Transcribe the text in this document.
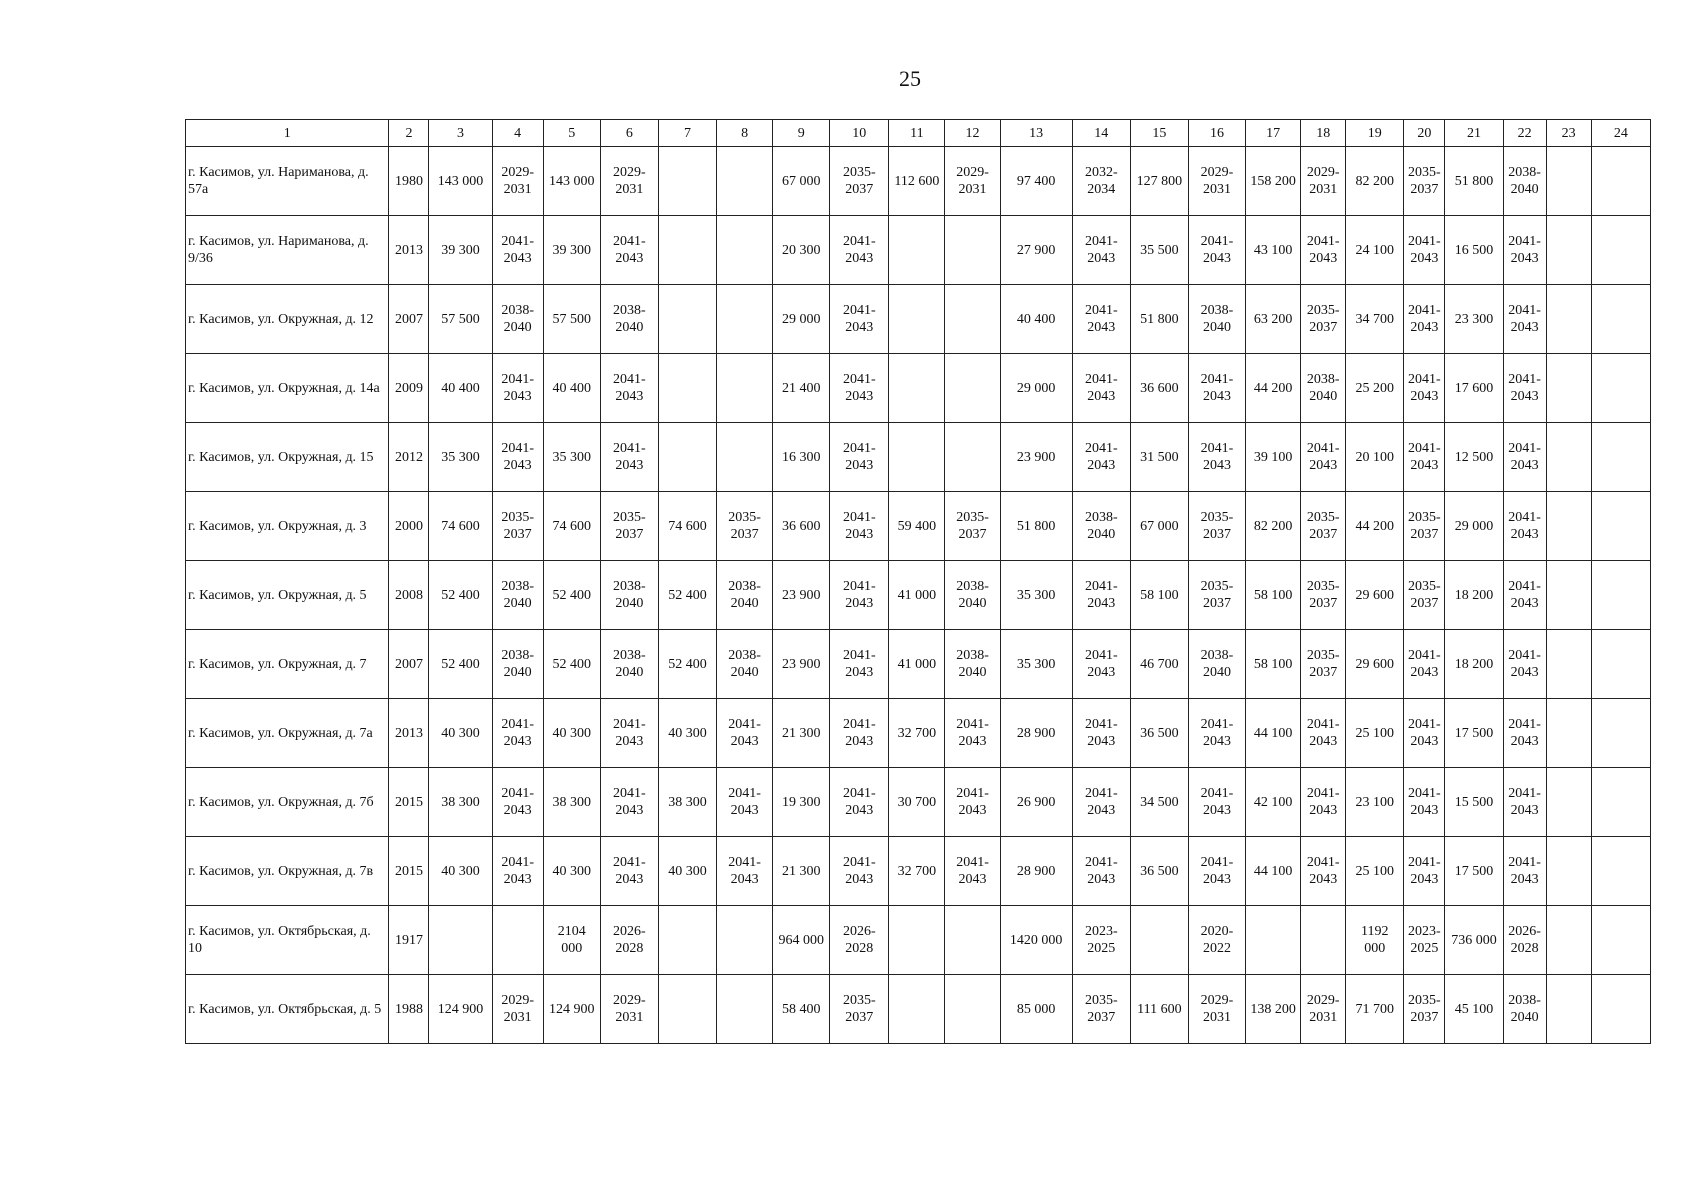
25
1	2	3	4	5	6	7	8	9	10	11	12	13	14	15	16	17	18	19	20	21	22	23	24
г. Касимов, ул. Нариманова, д. 57а	1980	143 000	2029-
2031	143 000	2029-
2031			67 000	2035-
2037	112 600	2029-
2031	97 400	2032-
2034	127 800	2029-
2031	158 200	2029-
2031	82 200	2035-
2037	51 800	2038-
2040		
г. Касимов, ул. Нариманова, д. 9/36	2013	39 300	2041-
2043	39 300	2041-
2043			20 300	2041-
2043			27 900	2041-
2043	35 500	2041-
2043	43 100	2041-
2043	24 100	2041-
2043	16 500	2041-
2043		
г. Касимов, ул. Окружная, д. 12	2007	57 500	2038-
2040	57 500	2038-
2040			29 000	2041-
2043			40 400	2041-
2043	51 800	2038-
2040	63 200	2035-
2037	34 700	2041-
2043	23 300	2041-
2043		
г. Касимов, ул. Окружная, д. 14а	2009	40 400	2041-
2043	40 400	2041-
2043			21 400	2041-
2043			29 000	2041-
2043	36 600	2041-
2043	44 200	2038-
2040	25 200	2041-
2043	17 600	2041-
2043		
г. Касимов, ул. Окружная, д. 15	2012	35 300	2041-
2043	35 300	2041-
2043			16 300	2041-
2043			23 900	2041-
2043	31 500	2041-
2043	39 100	2041-
2043	20 100	2041-
2043	12 500	2041-
2043		
г. Касимов, ул. Окружная, д. 3	2000	74 600	2035-
2037	74 600	2035-
2037	74 600	2035-
2037	36 600	2041-
2043	59 400	2035-
2037	51 800	2038-
2040	67 000	2035-
2037	82 200	2035-
2037	44 200	2035-
2037	29 000	2041-
2043		
г. Касимов, ул. Окружная, д. 5	2008	52 400	2038-
2040	52 400	2038-
2040	52 400	2038-
2040	23 900	2041-
2043	41 000	2038-
2040	35 300	2041-
2043	58 100	2035-
2037	58 100	2035-
2037	29 600	2035-
2037	18 200	2041-
2043		
г. Касимов, ул. Окружная, д. 7	2007	52 400	2038-
2040	52 400	2038-
2040	52 400	2038-
2040	23 900	2041-
2043	41 000	2038-
2040	35 300	2041-
2043	46 700	2038-
2040	58 100	2035-
2037	29 600	2041-
2043	18 200	2041-
2043		
г. Касимов, ул. Окружная, д. 7а	2013	40 300	2041-
2043	40 300	2041-
2043	40 300	2041-
2043	21 300	2041-
2043	32 700	2041-
2043	28 900	2041-
2043	36 500	2041-
2043	44 100	2041-
2043	25 100	2041-
2043	17 500	2041-
2043		
г. Касимов, ул. Окружная, д. 7б	2015	38 300	2041-
2043	38 300	2041-
2043	38 300	2041-
2043	19 300	2041-
2043	30 700	2041-
2043	26 900	2041-
2043	34 500	2041-
2043	42 100	2041-
2043	23 100	2041-
2043	15 500	2041-
2043		
г. Касимов, ул. Окружная, д. 7в	2015	40 300	2041-
2043	40 300	2041-
2043	40 300	2041-
2043	21 300	2041-
2043	32 700	2041-
2043	28 900	2041-
2043	36 500	2041-
2043	44 100	2041-
2043	25 100	2041-
2043	17 500	2041-
2043		
г. Касимов, ул. Октябрьская, д. 10	1917			2104
000	2026-
2028			964 000	2026-
2028			1420 000	2023-
2025		2020-
2022			1192
000	2023-
2025	736 000	2026-
2028		
г. Касимов, ул. Октябрьская, д. 5	1988	124 900	2029-
2031	124 900	2029-
2031			58 400	2035-
2037			85 000	2035-
2037	111 600	2029-
2031	138 200	2029-
2031	71 700	2035-
2037	45 100	2038-
2040		
